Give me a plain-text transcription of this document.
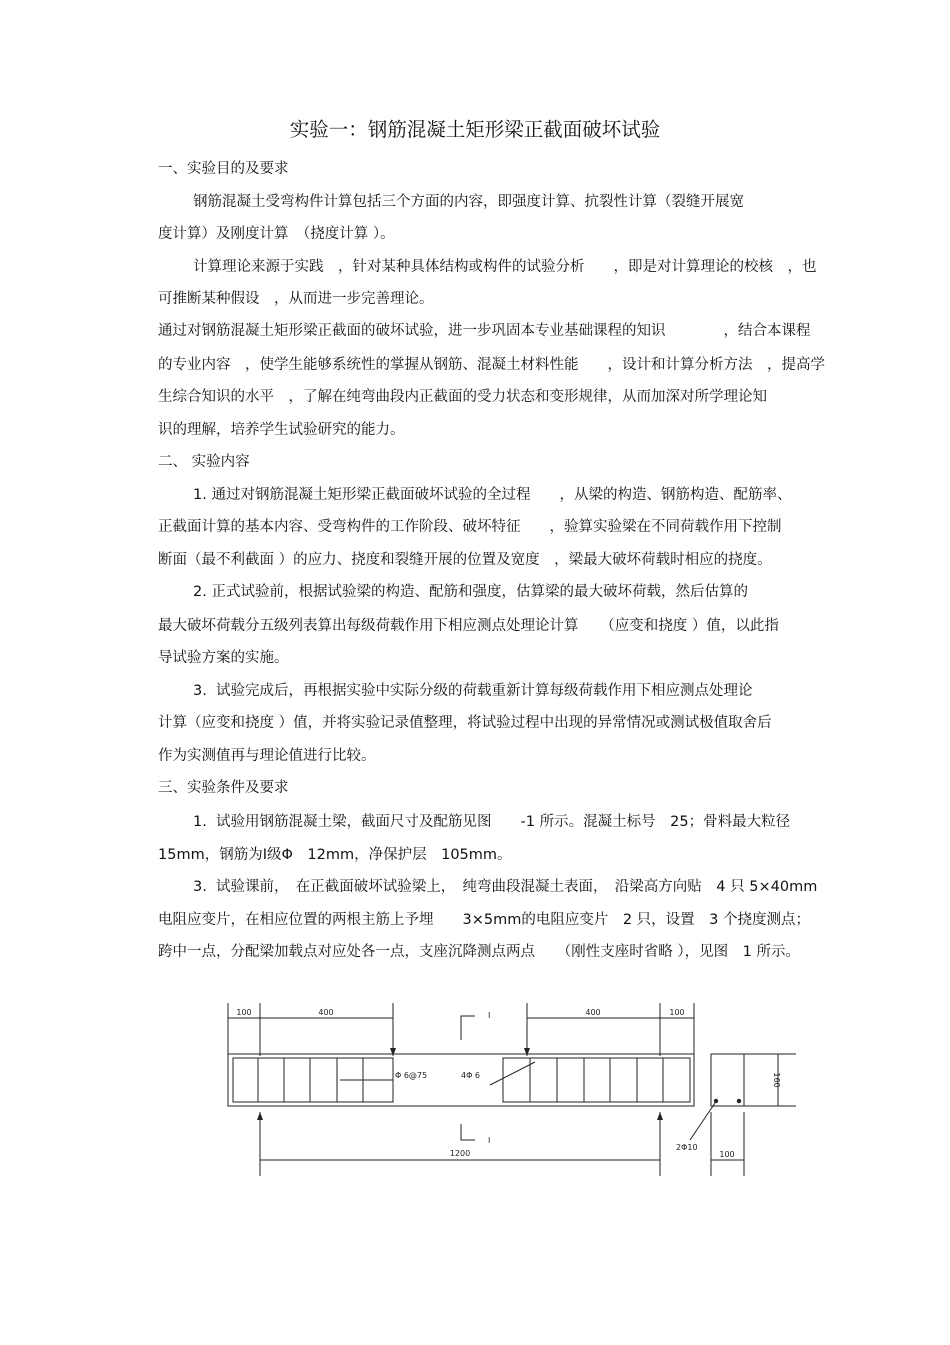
实验一：钢筋混凝土矩形梁正截面破坏试验
一、实验目的及要求
钢筋混凝土受弯构件计算包括三个方面的内容，即强度计算、抗裂性计算（裂缝开展宽
度计算）及刚度计算　（挠度计算 ）。
计算理论来源于实践　，针对某种具体结构或构件的试验分析　　，即是对计算理论的校核　，也
可推断某种假设　，从而进一步完善理论。
通过对钢筋混凝土矩形梁正截面的破坏试验，进一步巩固本专业基础课程的知识　　　　，结合本课程
的专业内容　，使学生能够系统性的掌握从钢筋、混凝土材料性能　　，设计和计算分析方法　，提高学
生综合知识的水平　，了解在纯弯曲段内正截面的受力状态和变形规律，从而加深对所学理论知
识的理解，培养学生试验研究的能力。
二、 实验内容
1. 通过对钢筋混凝土矩形梁正截面破坏试验的全过程　　，从梁的构造、钢筋构造、配筋率、
正截面计算的基本内容、受弯构件的工作阶段、破坏特征　　，验算实验梁在不同荷载作用下控制
断面（最不利截面 ）的应力、挠度和裂缝开展的位置及宽度　，梁最大破坏荷载时相应的挠度。
2. 正式试验前，根据试验梁的构造、配筋和强度，估算梁的最大破坏荷载，然后估算的
最大破坏荷载分五级列表算出每级荷载作用下相应测点处理论计算　　（应变和挠度 ）值，以此指
导试验方案的实施。
3.  试验完成后，再根据实验中实际分级的荷载重新计算每级荷载作用下相应测点处理论
计算（应变和挠度 ）值，并将实验记录值整理，将试验过程中出现的异常情况或测试极值取舍后
作为实测值再与理论值进行比较。
三、实验条件及要求
1.  试验用钢筋混凝土梁，截面尺寸及配筋见图　　-1 所示。混凝土标号　25；骨料最大粒径
15mm，钢筋为Ⅰ级Φ　12mm，净保护层　105mm。
3.  试验课前，　在正截面破坏试验梁上，　纯弯曲段混凝土表面，　沿梁高方向贴　4 只 5×40mm
电阻应变片，在相应位置的两根主筋上予埋　　3×5mm的电阻应变片　2 只，设置　3 个挠度测点；
跨中一点，分配梁加载点对应处各一点，支座沉降测点两点　　（刚性支座时省略 ），见图　1 所示。
100	400	400	100
I
I
Φ 6@75	4Φ 6
1200
160
2Φ10
100
